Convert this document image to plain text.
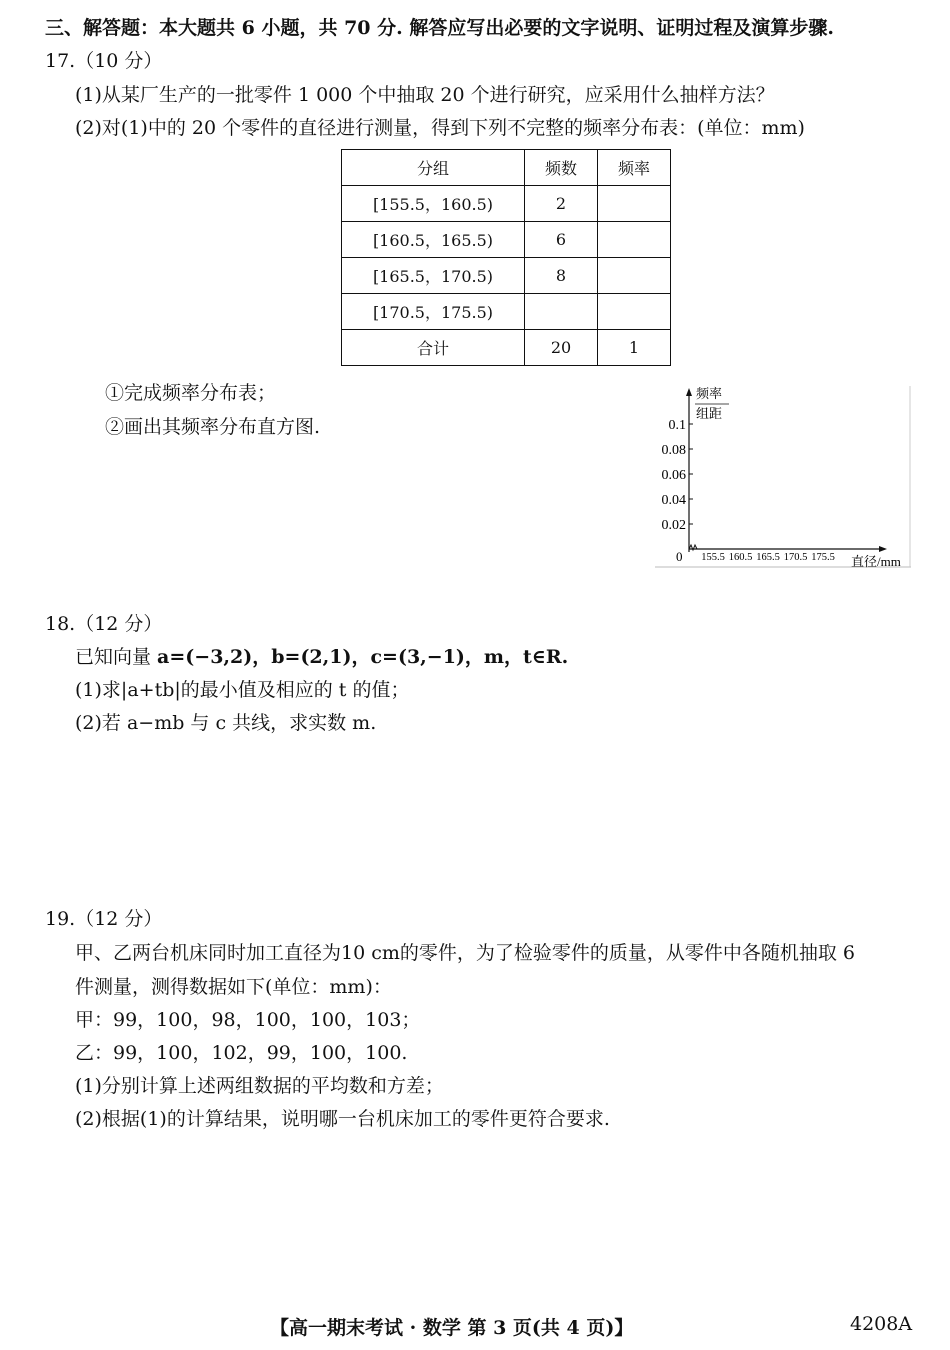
三、解答题：本大题共 6 小题，共 70 分. 解答应写出必要的文字说明、证明过程及演算步骤.
17.（10 分）
(1)从某厂生产的一批零件 1 000 个中抽取 20 个进行研究，应采用什么抽样方法？
(2)对(1)中的 20 个零件的直径进行测量，得到下列不完整的频率分布表：(单位：mm)
分组	频数	频率
[155.5，160.5)	2	
[160.5，165.5)	6	
[165.5，170.5)	8	
[170.5，175.5)		
合计	20	1
①完成频率分布表；
②画出其频率分布直方图.
频率
组距
0	直径/mm
0.02
0.04
0.06
0.08
0.1
155.5 160.5 165.5 170.5 175.5
18.（12 分）
已知向量 a=(−3,2)，b=(2,1)，c=(3,−1)，m，t∈R.
(1)求|a+tb|的最小值及相应的 t 的值；
(2)若 a−mb 与 c 共线，求实数 m.
19.（12 分）
甲、乙两台机床同时加工直径为10 cm的零件，为了检验零件的质量，从零件中各随机抽取 6
件测量，测得数据如下(单位：mm)：
甲：99，100，98，100，100，103；
乙：99，100，102，99，100，100.
(1)分别计算上述两组数据的平均数和方差；
(2)根据(1)的计算结果，说明哪一台机床加工的零件更符合要求.
【高一期末考试 · 数学 第 3 页(共 4 页)】	4208A
